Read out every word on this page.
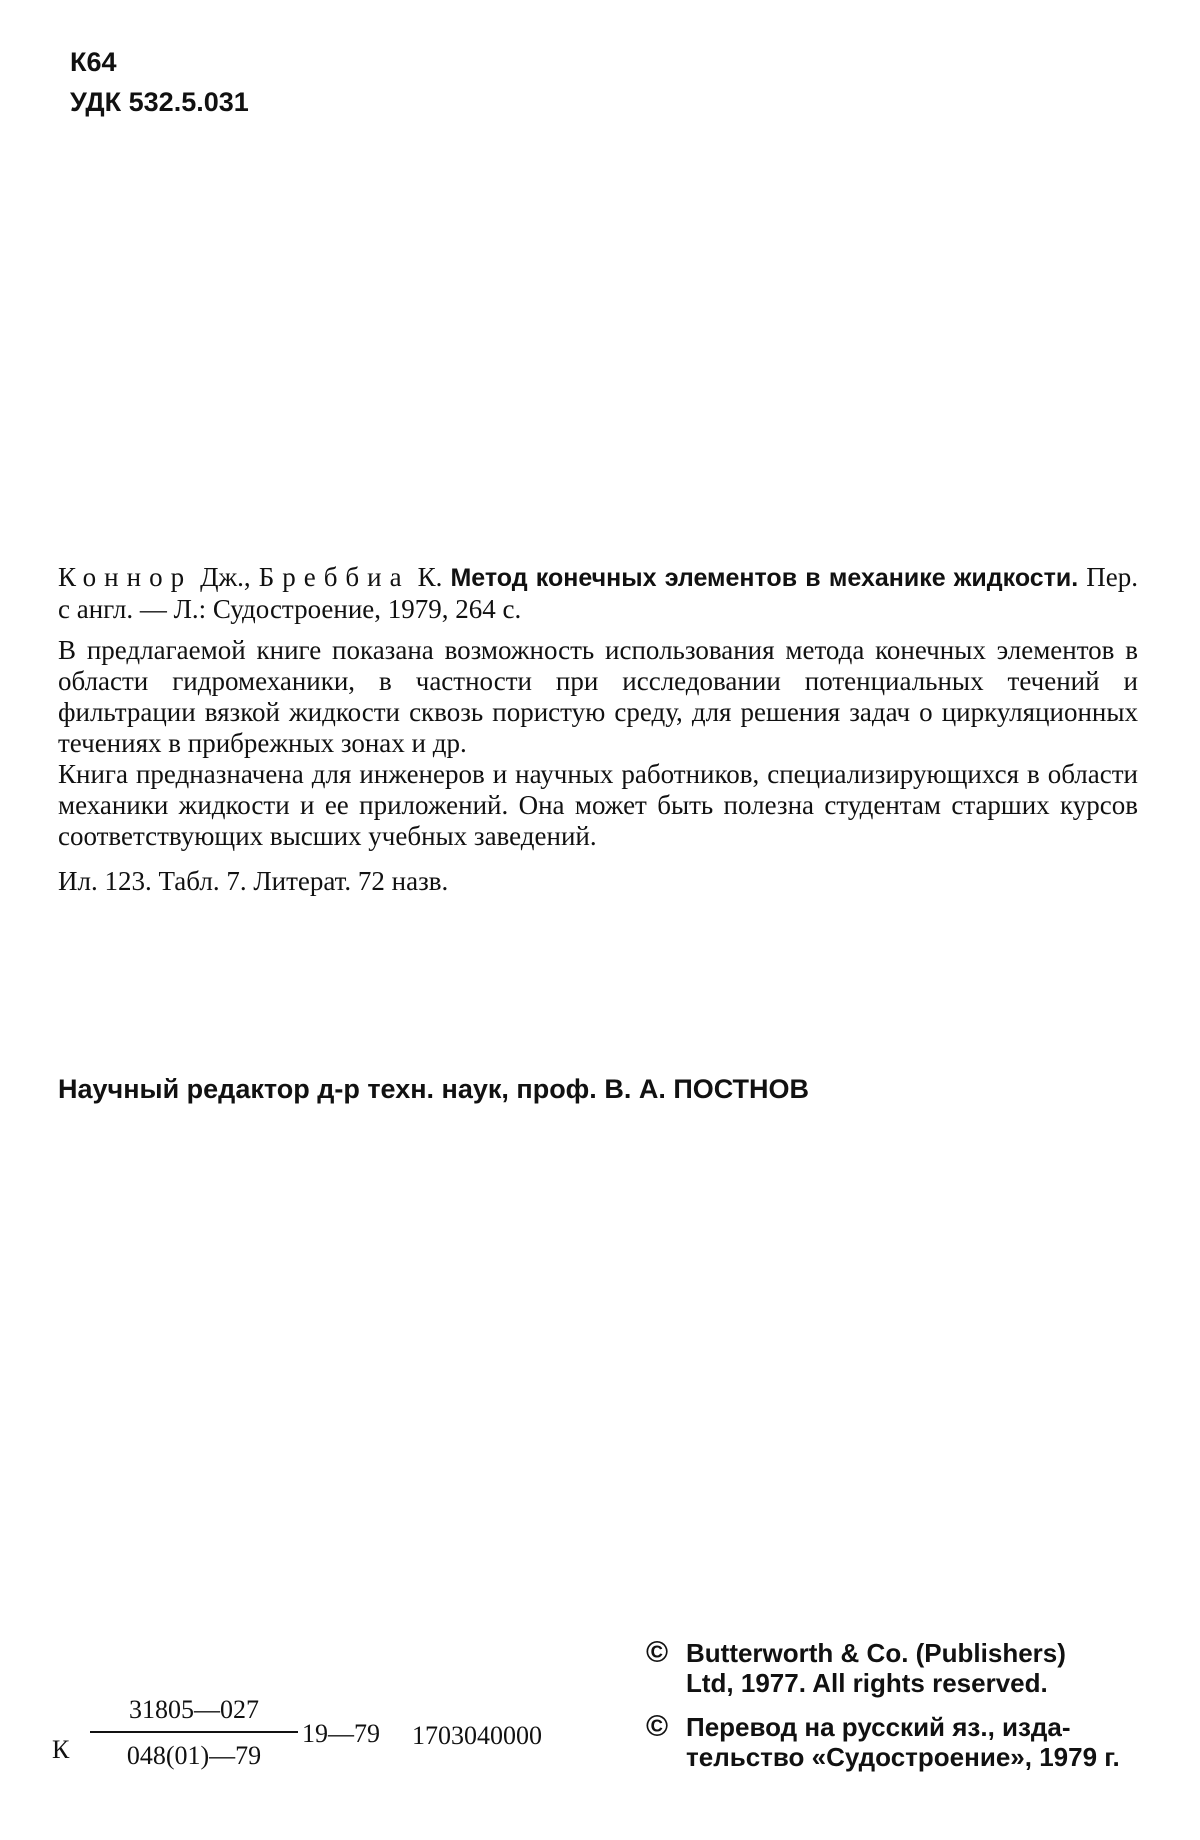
К64
УДК 532.5.031

Коннор Дж., Бреббиа К. Метод конечных элементов в механике жидкости. Пер. с англ. — Л.: Судостроение, 1979, 264 с.

В предлагаемой книге показана возможность использования метода конечных элементов в области гидромеханики, в частности при исследовании потенциальных течений и фильтрации вязкой жидкости сквозь пористую среду, для решения задач о циркуляционных течениях в прибрежных зонах и др.

Книга предназначена для инженеров и научных работников, специализирующихся в области механики жидкости и ее приложений. Она может быть полезна студентам старших курсов соответствующих высших учебных заведений.

Ил. 123. Табл. 7. Литерат. 72 назв.

Научный редактор д-р техн. наук, проф. В. А. ПОСТНОВ
К
31805—027
048(01)—79
19—79 1703040000
© Butterworth & Co. (Publishers)
Ltd, 1977. All rights reserved.
© Перевод на русский яз., изда-
тельство «Судостроение», 1979 г.
